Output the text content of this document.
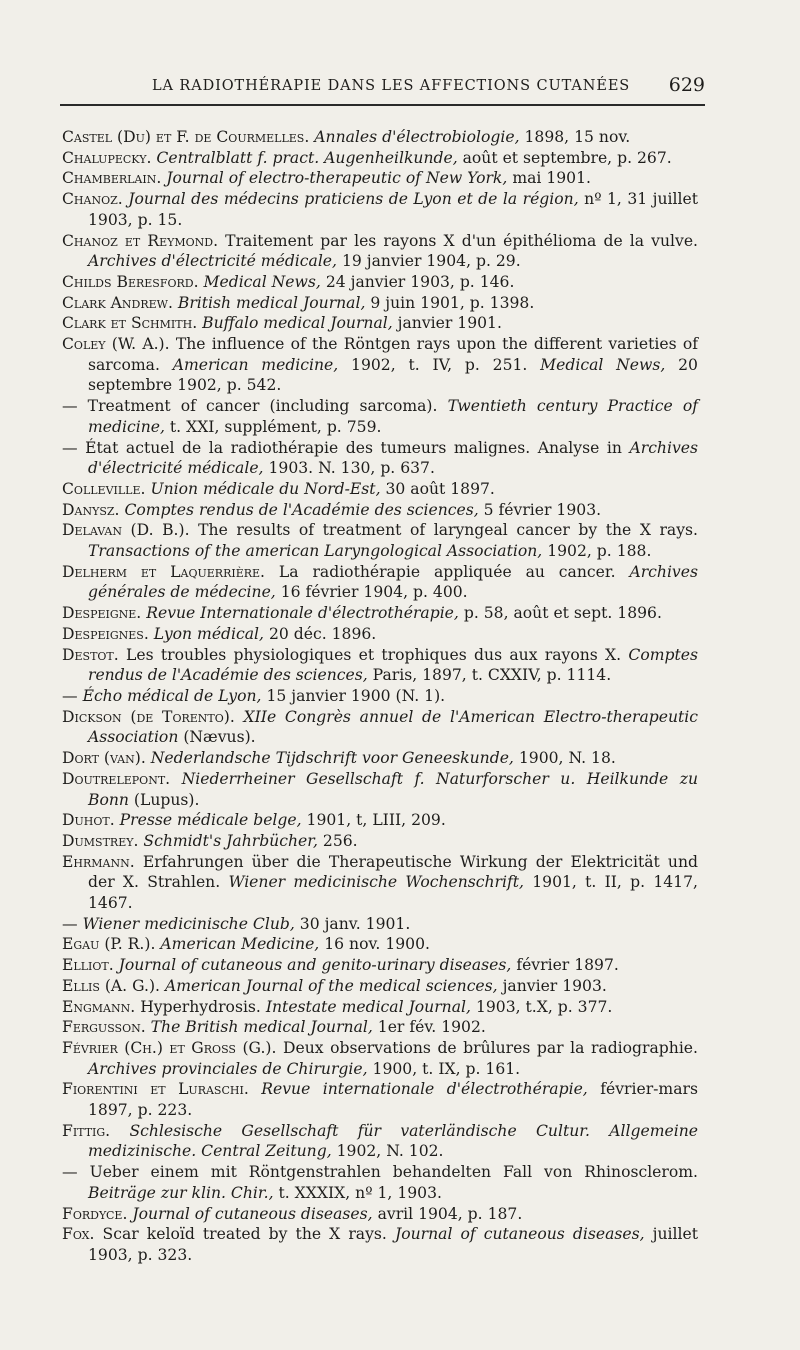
LA RADIOTHÉRAPIE DANS LES AFFECTIONS CUTANÉES 629
Castel (Du) et F. de Courmelles. Annales d'électrobiologie, 1898, 15 nov.
Chalupecky. Centralblatt f. pract. Augenheilkunde, août et septembre, p. 267.
Chamberlain. Journal of electro-therapeutic of New York, mai 1901.
Chanoz. Journal des médecins praticiens de Lyon et de la région, nº 1, 31 juillet 1903, p. 15.
Chanoz et Reymond. Traitement par les rayons X d'un épithélioma de la vulve. Archives d'électricité médicale, 19 janvier 1904, p. 29.
Childs Beresford. Medical News, 24 janvier 1903, p. 146.
Clark Andrew. British medical Journal, 9 juin 1901, p. 1398.
Clark et Schmith. Buffalo medical Journal, janvier 1901.
Coley (W. A.). The influence of the Röntgen rays upon the different varieties of sarcoma. American medicine, 1902, t. IV, p. 251. Medical News, 20 septembre 1902, p. 542.
— Treatment of cancer (including sarcoma). Twentieth century Practice of medicine, t. XXI, supplément, p. 759.
— État actuel de la radiothérapie des tumeurs malignes. Analyse in Archives d'électricité médicale, 1903. N. 130, p. 637.
Colleville. Union médicale du Nord-Est, 30 août 1897.
Danysz. Comptes rendus de l'Académie des sciences, 5 février 1903.
Delavan (D. B.). The results of treatment of laryngeal cancer by the X rays. Transactions of the american Laryngological Association, 1902, p. 188.
Delherm et Laquerrière. La radiothérapie appliquée au cancer. Archives générales de médecine, 16 février 1904, p. 400.
Despeigne. Revue Internationale d'électrothérapie, p. 58, août et sept. 1896.
Despeignes. Lyon médical, 20 déc. 1896.
Destot. Les troubles physiologiques et trophiques dus aux rayons X. Comptes rendus de l'Académie des sciences, Paris, 1897, t. CXXIV, p. 1114.
— Écho médical de Lyon, 15 janvier 1900 (N. 1).
Dickson (de Torento). XIIe Congrès annuel de l'American Electro-therapeutic Association (Nævus).
Dort (van). Nederlandsche Tijdschrift voor Geneeskunde, 1900, N. 18.
Doutrelepont. Niederrheiner Gesellschaft f. Naturforscher u. Heilkunde zu Bonn (Lupus).
Duhot. Presse médicale belge, 1901, t, LIII, 209.
Dumstrey. Schmidt's Jahrbücher, 256.
Ehrmann. Erfahrungen über die Therapeutische Wirkung der Elektricität und der X. Strahlen. Wiener medicinische Wochenschrift, 1901, t. II, p. 1417, 1467.
— Wiener medicinische Club, 30 janv. 1901.
Egau (P. R.). American Medicine, 16 nov. 1900.
Elliot. Journal of cutaneous and genito-urinary diseases, février 1897.
Ellis (A. G.). American Journal of the medical sciences, janvier 1903.
Engmann. Hyperhydrosis. Intestate medical Journal, 1903, t.X, p. 377.
Fergusson. The British medical Journal, 1er fév. 1902.
Février (Ch.) et Gross (G.). Deux observations de brûlures par la radiographie. Archives provinciales de Chirurgie, 1900, t. IX, p. 161.
Fiorentini et Luraschi. Revue internationale d'électrothérapie, février-mars 1897, p. 223.
Fittig. Schlesische Gesellschaft für vaterländische Cultur. Allgemeine medizinische. Central Zeitung, 1902, N. 102.
— Ueber einem mit Röntgenstrahlen behandelten Fall von Rhinosclerom. Beiträge zur klin. Chir., t. XXXIX, nº 1, 1903.
Fordyce. Journal of cutaneous diseases, avril 1904, p. 187.
Fox. Scar keloïd treated by the X rays. Journal of cutaneous diseases, juillet 1903, p. 323.
